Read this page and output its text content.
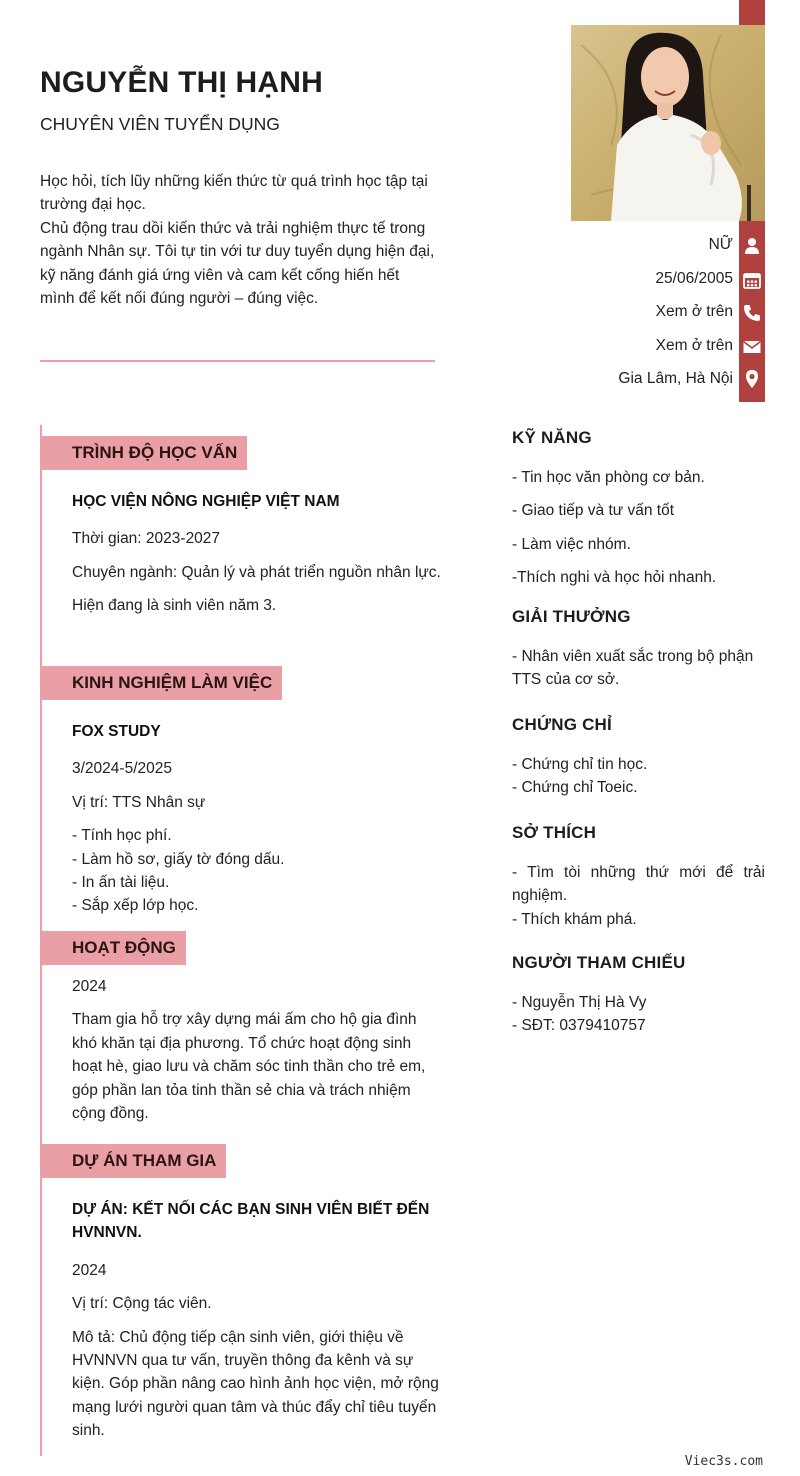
NGUYỄN THỊ HẠNH
CHUYÊN VIÊN TUYỂN DỤNG

Học hỏi, tích lũy những kiến thức từ quá trình học tập tại trường đại học.

Chủ động trau dồi kiến thức và trải nghiệm thực tế trong ngành Nhân sự. Tôi tự tin với tư duy tuyển dụng hiện đại, kỹ năng đánh giá ứng viên và cam kết cống hiến hết mình để kết nối đúng người – đúng việc.

NỮ
25/06/2005
Xem ở trên
Xem ở trên
Gia Lâm, Hà Nội
TRÌNH ĐỘ HỌC VẤN
HỌC VIỆN NÔNG NGHIỆP VIỆT NAM
Thời gian: 2023-2027
Chuyên ngành: Quản lý và phát triển nguồn nhân lực.
Hiện đang là sinh viên năm 3.
KINH NGHIỆM LÀM VIỆC
FOX STUDY
3/2024-5/2025
Vị trí: TTS Nhân sự
- Tính học phí.
- Làm hồ sơ, giấy tờ đóng dấu.
- In ấn tài liệu.
- Sắp xếp lớp học.
HOẠT ĐỘNG
2024
Tham gia hỗ trợ xây dựng mái ấm cho hộ gia đình khó khăn tại địa phương. Tổ chức hoạt động sinh hoạt hè, giao lưu và chăm sóc tinh thần cho trẻ em, góp phần lan tỏa tinh thần sẻ chia và trách nhiệm cộng đồng.
DỰ ÁN THAM GIA
DỰ ÁN: KẾT NỐI CÁC BẠN SINH VIÊN BIẾT ĐẾN HVNNVN.
2024
Vị trí: Cộng tác viên.
Mô tả: Chủ động tiếp cận sinh viên, giới thiệu về HVNNVN qua tư vấn, truyền thông đa kênh và sự kiện. Góp phần nâng cao hình ảnh học viện, mở rộng mạng lưới người quan tâm và thúc đẩy chỉ tiêu tuyển sinh.
KỸ NĂNG
- Tin học văn phòng cơ bản.
- Giao tiếp và tư vấn tốt
- Làm việc nhóm.
-Thích nghi và học hỏi nhanh.
GIẢI THƯỞNG
- Nhân viên xuất sắc trong bộ phận TTS của cơ sở.
CHỨNG CHỈ
- Chứng chỉ tin học.
- Chứng chỉ Toeic.
SỞ THÍCH
- Tìm tòi những thứ mới để trải nghiệm.
- Thích khám phá.
NGƯỜI THAM CHIẾU
- Nguyễn Thị Hà Vy
- SĐT: 0379410757
Viec3s.com
